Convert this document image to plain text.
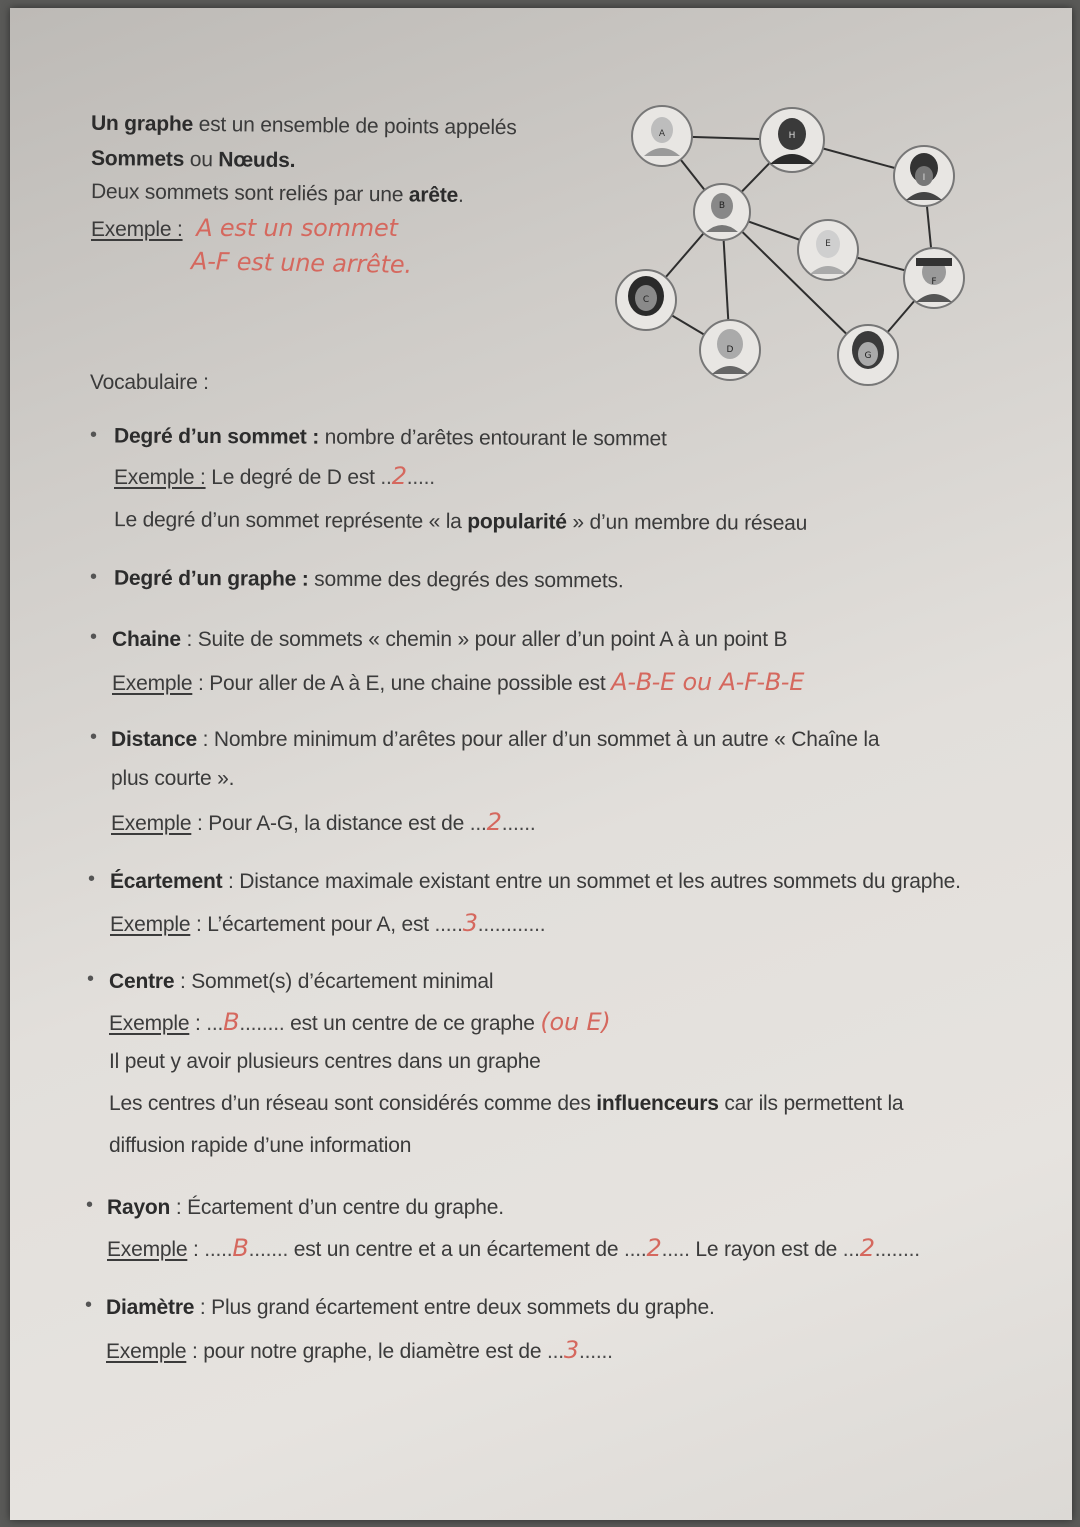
Un graphe est un ensemble de points appelés
Sommets ou Nœuds.
Deux sommets sont reliés par une arête.
Exemple : A est un sommet
A-F est une arrête.
A	H
I
B
E
F
C
D
G
Vocabulaire :
• Degré d’un sommet : nombre d’arêtes entourant le sommet
Exemple : Le degré de D est ..2.....
Le degré d’un sommet représente « la popularité » d’un membre du réseau
• Degré d’un graphe : somme des degrés des sommets.
• Chaine : Suite de sommets « chemin » pour aller d’un point A à un point B
Exemple : Pour aller de A à E, une chaine possible est A-B-E ou A-F-B-E
• Distance : Nombre minimum d’arêtes pour aller d’un sommet à un autre « Chaîne la
plus courte ».
Exemple : Pour A-G, la distance est de ...2......
• Écartement : Distance maximale existant entre un sommet et les autres sommets du graphe.
Exemple : L’écartement pour A, est .....3............
• Centre : Sommet(s) d’écartement minimal
Exemple : ...B........ est un centre de ce graphe (ou E)
Il peut y avoir plusieurs centres dans un graphe
Les centres d’un réseau sont considérés comme des influenceurs car ils permettent la
diffusion rapide d’une information
• Rayon : Écartement d’un centre du graphe.
Exemple : .....B....... est un centre et a un écartement de ....2..... Le rayon est de ...2........
• Diamètre : Plus grand écartement entre deux sommets du graphe.
Exemple : pour notre graphe, le diamètre est de ...3......
